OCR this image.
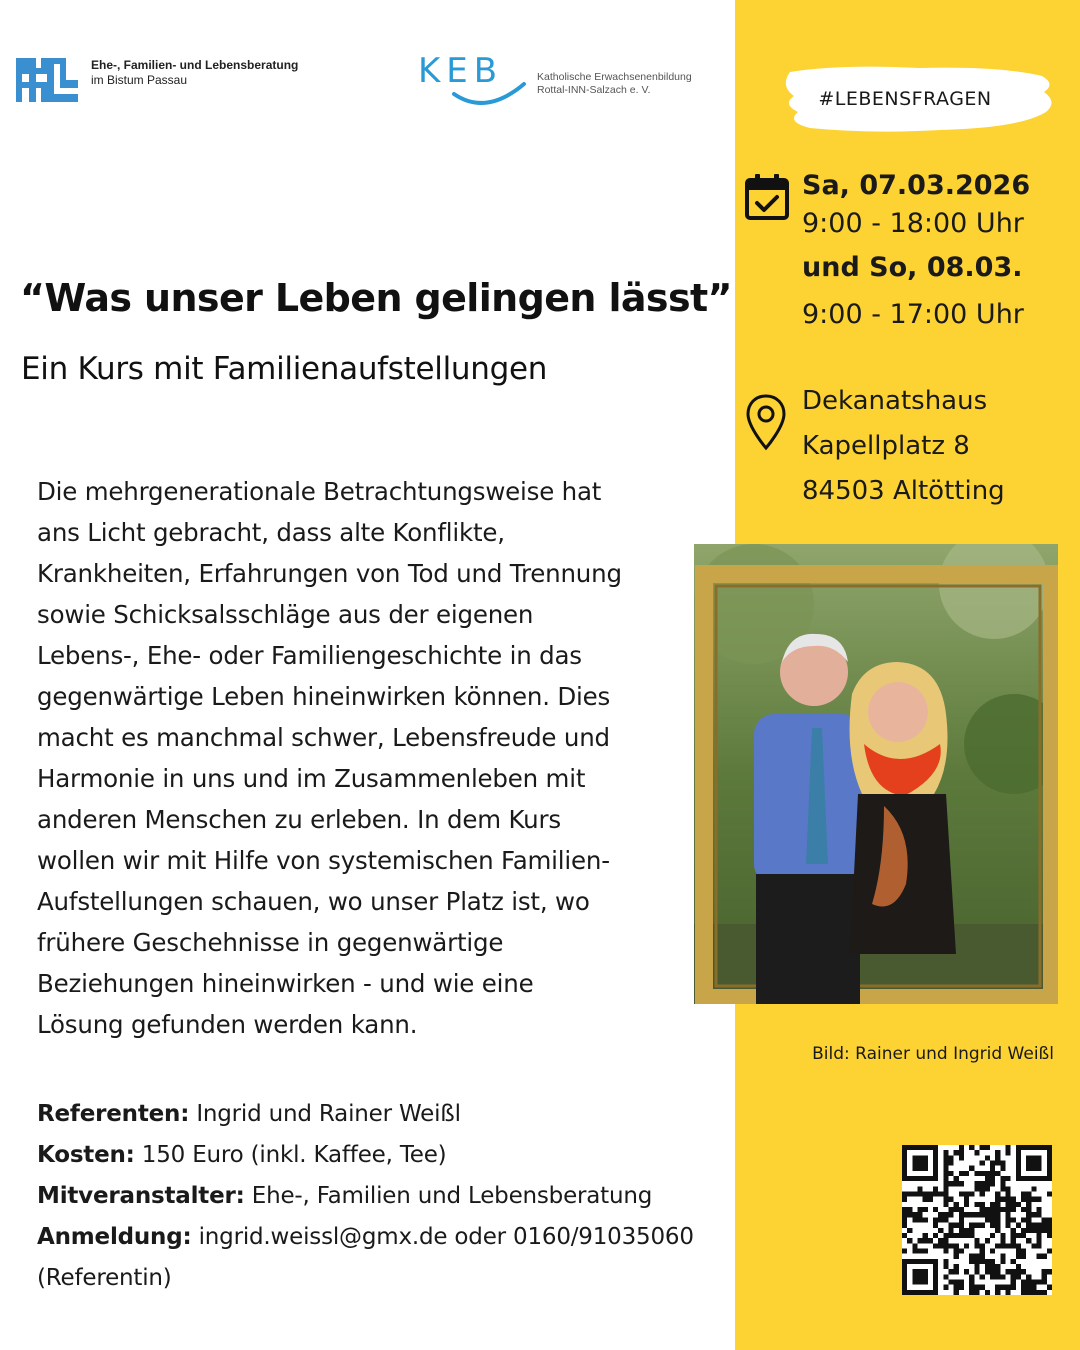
Ehe-, Familien- und Lebensberatung
im Bistum Passau	KEB	Katholische Erwachsenenbildung
Rottal-INN-Salzach e. V.	#LEBENSFRAGEN
Sa, 07.03.2026
9:00 - 18:00 Uhr
und So, 08.03.
9:00 - 17:00 Uhr
Dekanatshaus
Kapellplatz 8
84503 Altötting
“Was unser Leben gelingen lässt”
Ein Kurs mit Familienaufstellungen
Die mehrgenerationale Betrachtungsweise hat
ans Licht gebracht, dass alte Konflikte,
Krankheiten, Erfahrungen von Tod und Trennung
sowie Schicksalsschläge aus der eigenen
Lebens-, Ehe- oder Familiengeschichte in das
gegenwärtige Leben hineinwirken können. Dies
macht es manchmal schwer, Lebensfreude und
Harmonie in uns und im Zusammenleben mit
anderen Menschen zu erleben. In dem Kurs
wollen wir mit Hilfe von systemischen Familien-
Aufstellungen schauen, wo unser Platz ist, wo
frühere Geschehnisse in gegenwärtige
Beziehungen hineinwirken - und wie eine
Lösung gefunden werden kann.
Referenten: Ingrid und Rainer Weißl
Kosten: 150 Euro (inkl. Kaffee, Tee)
Mitveranstalter: Ehe-, Familien und Lebensberatung
Anmeldung: ingrid.weissl@gmx.de oder 0160/91035060
(Referentin)
Bild: Rainer und Ingrid Weißl
